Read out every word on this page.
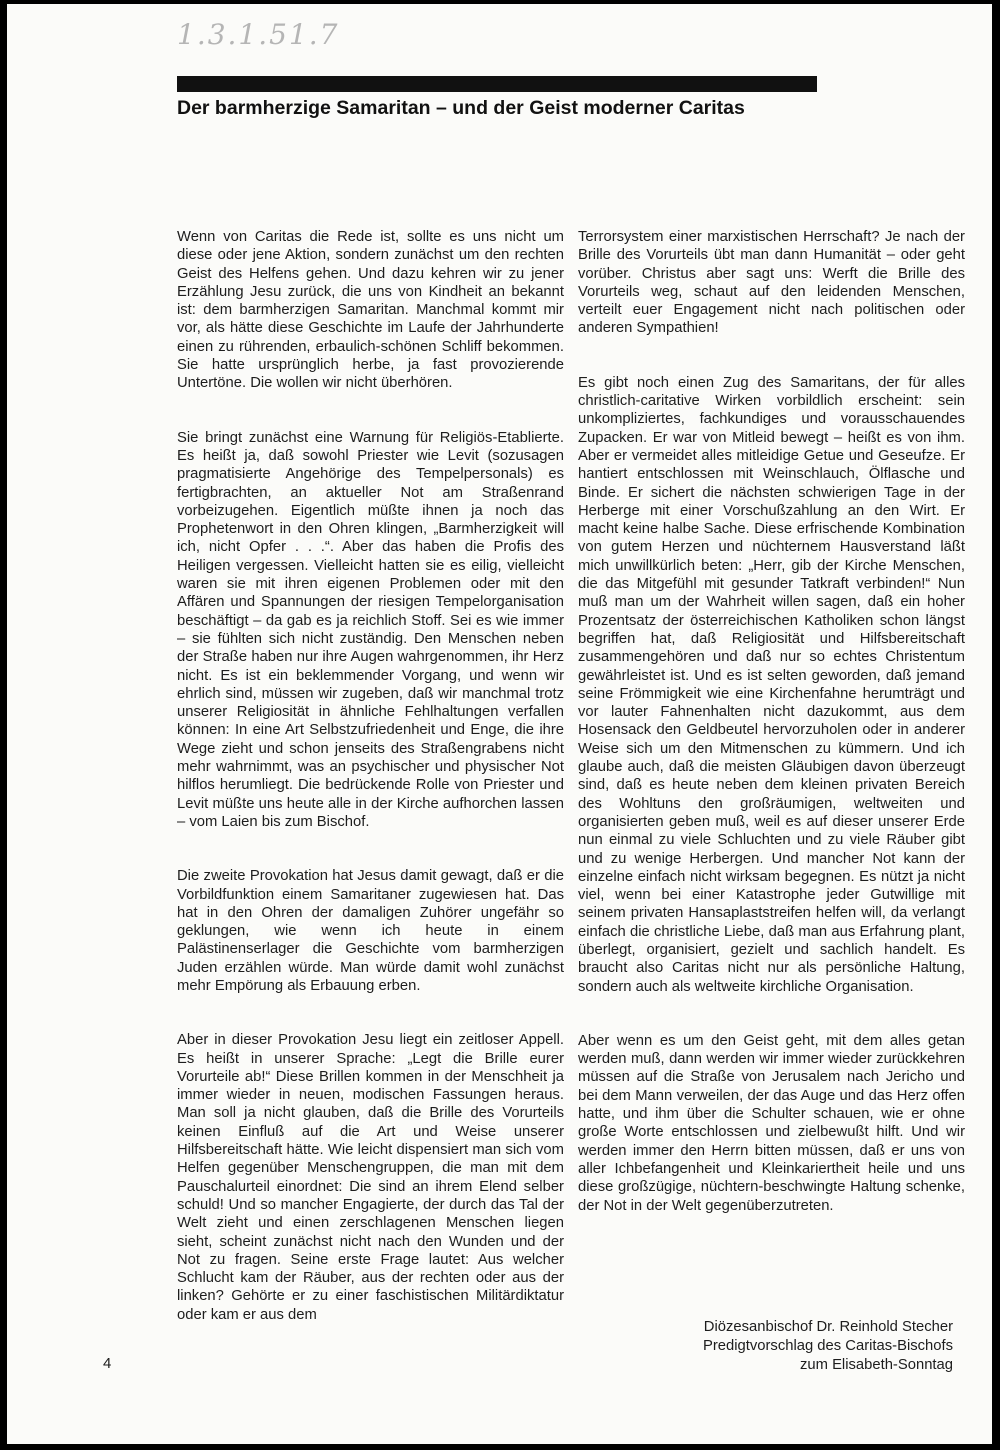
1.3.1.51.7
Der barmherzige Samaritan – und der Geist moderner Caritas

Wenn von Caritas die Rede ist, sollte es uns nicht um diese oder jene Aktion, sondern zunächst um den rechten Geist des Helfens gehen. Und dazu kehren wir zu jener Erzählung Jesu zurück, die uns von Kindheit an bekannt ist: dem barmherzigen Samaritan. Manchmal kommt mir vor, als hätte diese Geschichte im Laufe der Jahrhunderte einen zu rührenden, erbaulich-schönen Schliff bekommen. Sie hatte ursprünglich herbe, ja fast provozierende Untertöne. Die wollen wir nicht überhören.

Sie bringt zunächst eine Warnung für Religiös-Etablierte. Es heißt ja, daß sowohl Priester wie Levit (sozusagen pragmatisierte Angehörige des Tempelpersonals) es fertigbrachten, an aktueller Not am Straßenrand vorbeizugehen. Eigentlich müßte ihnen ja noch das Prophetenwort in den Ohren klingen, „Barmherzigkeit will ich, nicht Opfer . . .“. Aber das haben die Profis des Heiligen vergessen. Vielleicht hatten sie es eilig, vielleicht waren sie mit ihren eigenen Problemen oder mit den Affären und Spannungen der riesigen Tempelorganisation beschäftigt – da gab es ja reichlich Stoff. Sei es wie immer – sie fühlten sich nicht zuständig. Den Menschen neben der Straße haben nur ihre Augen wahrgenommen, ihr Herz nicht. Es ist ein beklemmender Vorgang, und wenn wir ehrlich sind, müssen wir zugeben, daß wir manchmal trotz unserer Religiosität in ähnliche Fehlhaltungen verfallen können: In eine Art Selbstzufriedenheit und Enge, die ihre Wege zieht und schon jenseits des Straßengrabens nicht mehr wahrnimmt, was an psychischer und physischer Not hilflos herumliegt. Die bedrückende Rolle von Priester und Levit müßte uns heute alle in der Kirche aufhorchen lassen – vom Laien bis zum Bischof.

Die zweite Provokation hat Jesus damit gewagt, daß er die Vorbildfunktion einem Samaritaner zugewiesen hat. Das hat in den Ohren der damaligen Zuhörer ungefähr so geklungen, wie wenn ich heute in einem Palästinenserlager die Geschichte vom barmherzigen Juden erzählen würde. Man würde damit wohl zunächst mehr Empörung als Erbauung erben.

Aber in dieser Provokation Jesu liegt ein zeitloser Appell. Es heißt in unserer Sprache: „Legt die Brille eurer Vorurteile ab!“ Diese Brillen kommen in der Menschheit ja immer wieder in neuen, modischen Fassungen heraus. Man soll ja nicht glauben, daß die Brille des Vorurteils keinen Einfluß auf die Art und Weise unserer Hilfsbereitschaft hätte. Wie leicht dispensiert man sich vom Helfen gegenüber Menschengruppen, die man mit dem Pauschalurteil einordnet: Die sind an ihrem Elend selber schuld! Und so mancher Engagierte, der durch das Tal der Welt zieht und einen zerschlagenen Menschen liegen sieht, scheint zunächst nicht nach den Wunden und der Not zu fragen. Seine erste Frage lautet: Aus welcher Schlucht kam der Räuber, aus der rechten oder aus der linken? Gehörte er zu einer faschistischen Militärdiktatur oder kam er aus dem

Terrorsystem einer marxistischen Herrschaft? Je nach der Brille des Vorurteils übt man dann Humanität – oder geht vorüber. Christus aber sagt uns: Werft die Brille des Vorurteils weg, schaut auf den leidenden Menschen, verteilt euer Engagement nicht nach politischen oder anderen Sympathien!

Es gibt noch einen Zug des Samaritans, der für alles christlich-caritative Wirken vorbildlich erscheint: sein unkompliziertes, fachkundiges und vorausschauendes Zupacken. Er war von Mitleid bewegt – heißt es von ihm. Aber er vermeidet alles mitleidige Getue und Geseufze. Er hantiert entschlossen mit Weinschlauch, Ölflasche und Binde. Er sichert die nächsten schwierigen Tage in der Herberge mit einer Vorschußzahlung an den Wirt. Er macht keine halbe Sache. Diese erfrischende Kombination von gutem Herzen und nüchternem Hausverstand läßt mich unwillkürlich beten: „Herr, gib der Kirche Menschen, die das Mitgefühl mit gesunder Tatkraft verbinden!“ Nun muß man um der Wahrheit willen sagen, daß ein hoher Prozentsatz der österreichischen Katholiken schon längst begriffen hat, daß Religiosität und Hilfsbereitschaft zusammengehören und daß nur so echtes Christentum gewährleistet ist. Und es ist selten geworden, daß jemand seine Frömmigkeit wie eine Kirchenfahne herumträgt und vor lauter Fahnenhalten nicht dazukommt, aus dem Hosensack den Geldbeutel hervorzuholen oder in anderer Weise sich um den Mitmenschen zu kümmern. Und ich glaube auch, daß die meisten Gläubigen davon überzeugt sind, daß es heute neben dem kleinen privaten Bereich des Wohltuns den großräumigen, weltweiten und organisierten geben muß, weil es auf dieser unserer Erde nun einmal zu viele Schluchten und zu viele Räuber gibt und zu wenige Herbergen. Und mancher Not kann der einzelne einfach nicht wirksam begegnen. Es nützt ja nicht viel, wenn bei einer Katastrophe jeder Gutwillige mit seinem privaten Hansaplaststreifen helfen will, da verlangt einfach die christliche Liebe, daß man aus Erfahrung plant, überlegt, organisiert, gezielt und sachlich handelt. Es braucht also Caritas nicht nur als persönliche Haltung, sondern auch als weltweite kirchliche Organisation.

Aber wenn es um den Geist geht, mit dem alles getan werden muß, dann werden wir immer wieder zurückkehren müssen auf die Straße von Jerusalem nach Jericho und bei dem Mann verweilen, der das Auge und das Herz offen hatte, und ihm über die Schulter schauen, wie er ohne große Worte entschlossen und zielbewußt hilft. Und wir werden immer den Herrn bitten müssen, daß er uns von aller Ichbefangenheit und Kleinkariertheit heile und uns diese großzügige, nüchtern-beschwingte Haltung schenke, der Not in der Welt gegenüberzutreten.

Diözesanbischof Dr. Reinhold Stecher
Predigtvorschlag des Caritas-Bischofs
zum Elisabeth-Sonntag
4
